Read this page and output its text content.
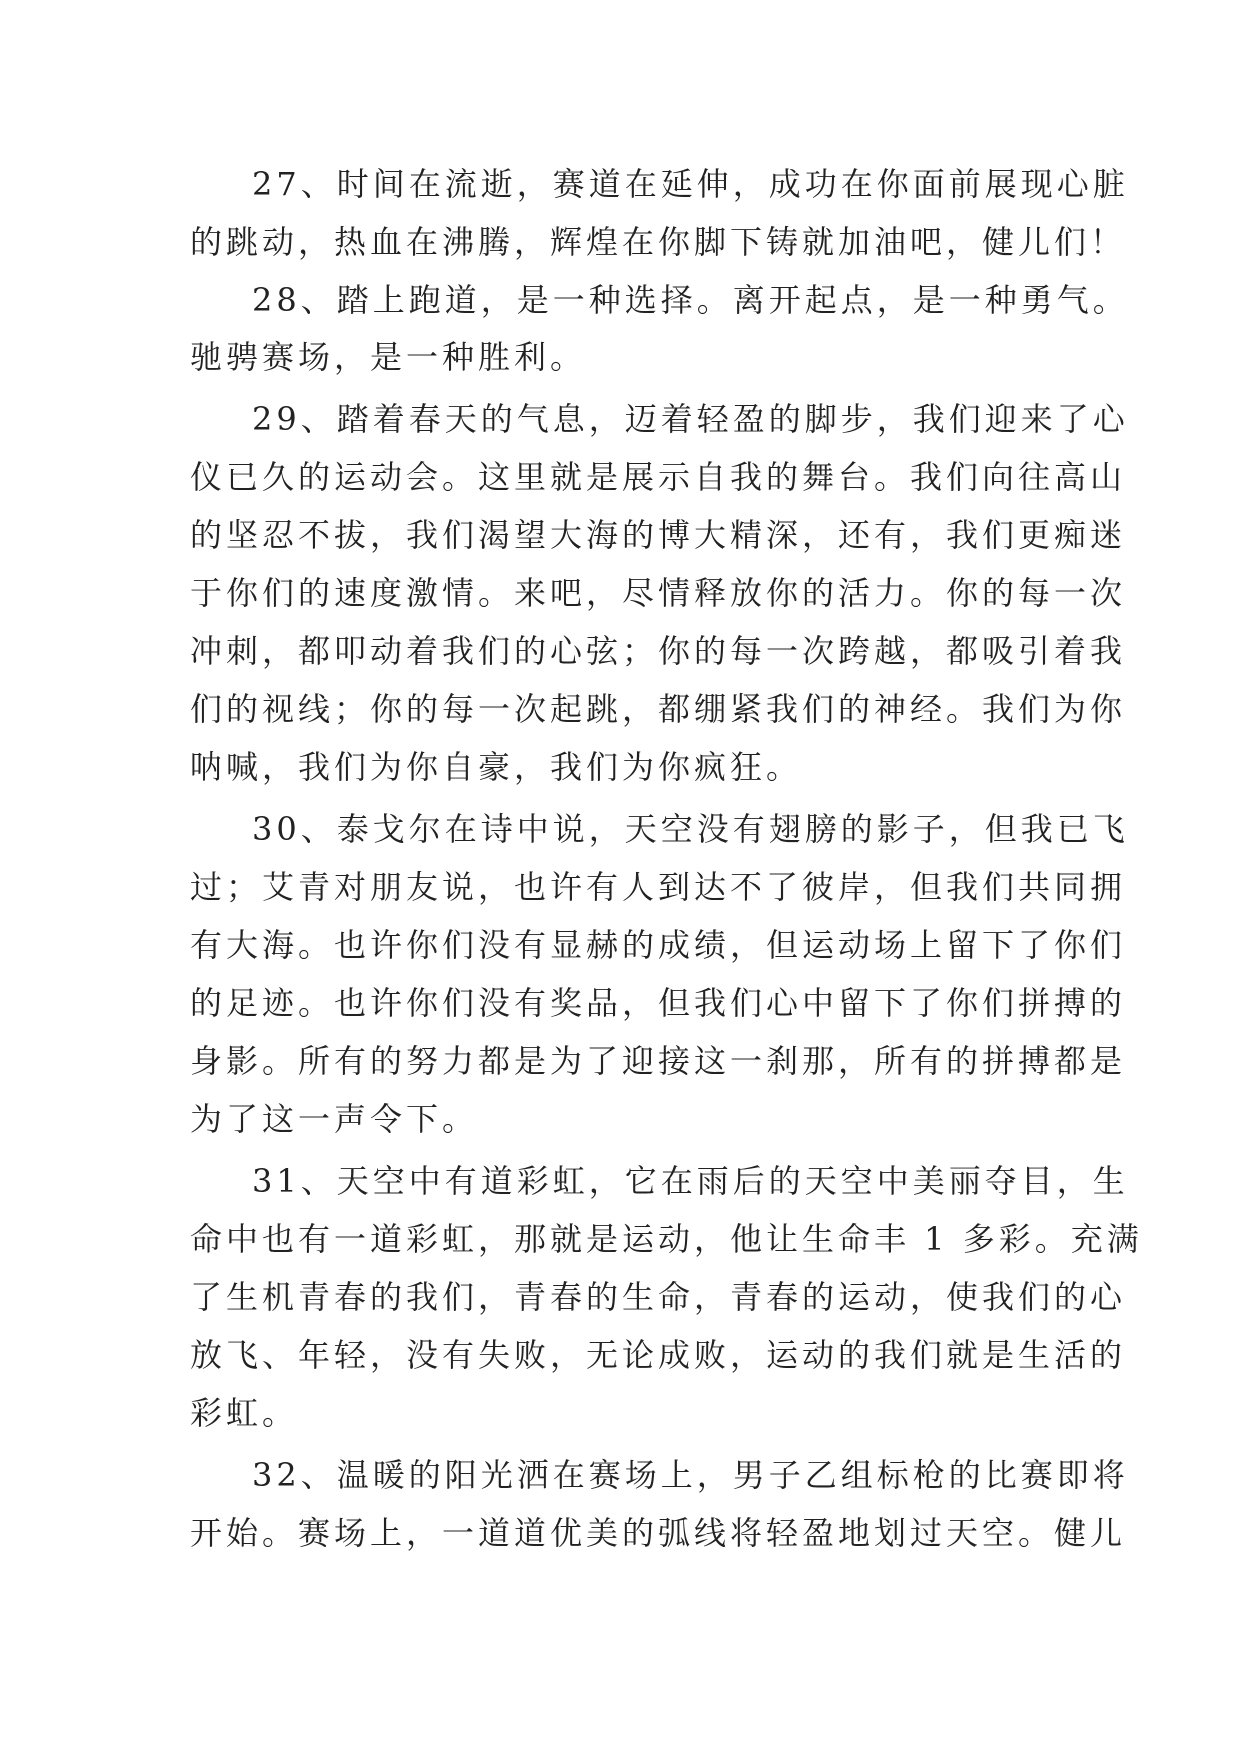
27、时间在流逝，赛道在延伸，成功在你面前展现心脏
的跳动，热血在沸腾，辉煌在你脚下铸就加油吧，健儿们！
28、踏上跑道，是一种选择。离开起点，是一种勇气。
驰骋赛场，是一种胜利。
29、踏着春天的气息，迈着轻盈的脚步，我们迎来了心
仪已久的运动会。这里就是展示自我的舞台。我们向往高山
的坚忍不拔，我们渴望大海的博大精深，还有，我们更痴迷
于你们的速度激情。来吧，尽情释放你的活力。你的每一次
冲刺，都叩动着我们的心弦；你的每一次跨越，都吸引着我
们的视线；你的每一次起跳，都绷紧我们的神经。我们为你
呐喊，我们为你自豪，我们为你疯狂。
30、泰戈尔在诗中说，天空没有翅膀的影子，但我已飞
过；艾青对朋友说，也许有人到达不了彼岸，但我们共同拥
有大海。也许你们没有显赫的成绩，但运动场上留下了你们
的足迹。也许你们没有奖品，但我们心中留下了你们拼搏的
身影。所有的努力都是为了迎接这一刹那，所有的拼搏都是
为了这一声令下。
31、天空中有道彩虹，它在雨后的天空中美丽夺目，生
命中也有一道彩虹，那就是运动，他让生命丰 1 多彩。充满
了生机青春的我们，青春的生命，青春的运动，使我们的心
放飞、年轻，没有失败，无论成败，运动的我们就是生活的
彩虹。
32、温暖的阳光洒在赛场上，男子乙组标枪的比赛即将
开始。赛场上，一道道优美的弧线将轻盈地划过天空。健儿
